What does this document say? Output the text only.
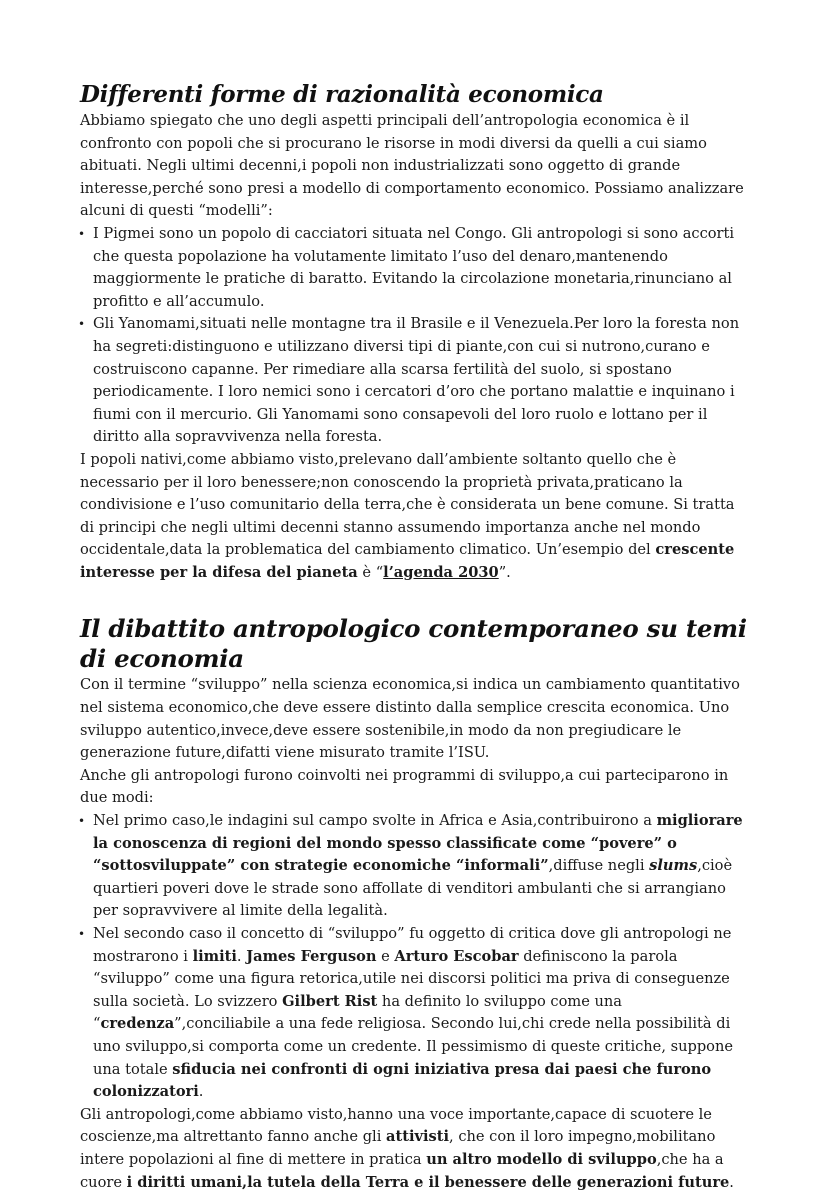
Differenti forme di razionalità economica

Abbiamo spiegato che uno degli aspetti principali dell’antropologia economica è il confronto con popoli che si procurano le risorse in modi diversi da quelli a cui siamo abituati. Negli ultimi decenni,i popoli non industrializzati sono oggetto di grande interesse,perché sono presi a modello di comportamento economico. Possiamo analizzare alcuni di questi “modelli”:

• I Pigmei sono un popolo di cacciatori situata nel Congo. Gli antropologi si sono accorti che questa popolazione ha volutamente limitato l’uso del denaro,mantenendo maggiormente le pratiche di baratto. Evitando la circolazione monetaria,rinunciano al profitto e all’accumulo.
• Gli Yanomami,situati nelle montagne tra il Brasile e il Venezuela.Per loro la foresta non ha segreti:distinguono e utilizzano diversi tipi di piante,con cui si nutrono,curano e costruiscono capanne. Per rimediare alla scarsa fertilità del suolo, si spostano periodicamente. I loro nemici sono i cercatori d’oro che portano malattie e inquinano i fiumi con il mercurio. Gli Yanomami sono consapevoli del loro ruolo e lottano per il diritto alla sopravvivenza nella foresta.

I popoli nativi,come abbiamo visto,prelevano dall’ambiente soltanto quello che è necessario per il loro benessere;non conoscendo la proprietà privata,praticano la condivisione e l’uso comunitario della terra,che è considerata un bene comune. Si tratta di principi che negli ultimi decenni stanno assumendo importanza anche nel mondo occidentale,data la problematica del cambiamento climatico. Un’esempio del crescente interesse per la difesa del pianeta è “l’agenda 2030”.

Il dibattito antropologico contemporaneo su temi di economia

Con il termine “sviluppo” nella scienza economica,si indica un cambiamento quantitativo nel sistema economico,che deve essere distinto dalla semplice crescita economica. Uno sviluppo autentico,invece,deve essere sostenibile,in modo da non pregiudicare le generazione future,difatti viene misurato tramite l’ISU.

Anche gli antropologi furono coinvolti nei programmi di sviluppo,a cui parteciparono in due modi:

• Nel primo caso,le indagini sul campo svolte in Africa e Asia,contribuirono a migliorare la conoscenza di regioni del mondo spesso classificate come “povere” o “sottosviluppate” con strategie economiche “informali”,diffuse negli slums,cioè quartieri poveri dove le strade sono affollate di venditori ambulanti che si arrangiano per sopravvivere al limite della legalità.
• Nel secondo caso il concetto di “sviluppo” fu oggetto di critica dove gli antropologi ne mostrarono i limiti. James Ferguson e Arturo Escobar definiscono la parola “sviluppo” come una figura retorica,utile nei discorsi politici ma priva di conseguenze sulla società. Lo svizzero Gilbert Rist ha definito lo sviluppo come una “credenza”,conciliabile a una fede religiosa. Secondo lui,chi crede nella possibilità di uno sviluppo,si comporta come un credente. Il pessimismo di queste critiche, suppone una totale sfiducia nei confronti di ogni iniziativa presa dai paesi che furono colonizzatori.

Gli antropologi,come abbiamo visto,hanno una voce importante,capace di scuotere le coscienze,ma altrettanto fanno anche gli attivisti, che con il loro impegno,mobilitano intere popolazioni al fine di mettere in pratica un altro modello di sviluppo,che ha a cuore i diritti umani,la tutela della Terra e il benessere delle generazioni future.
